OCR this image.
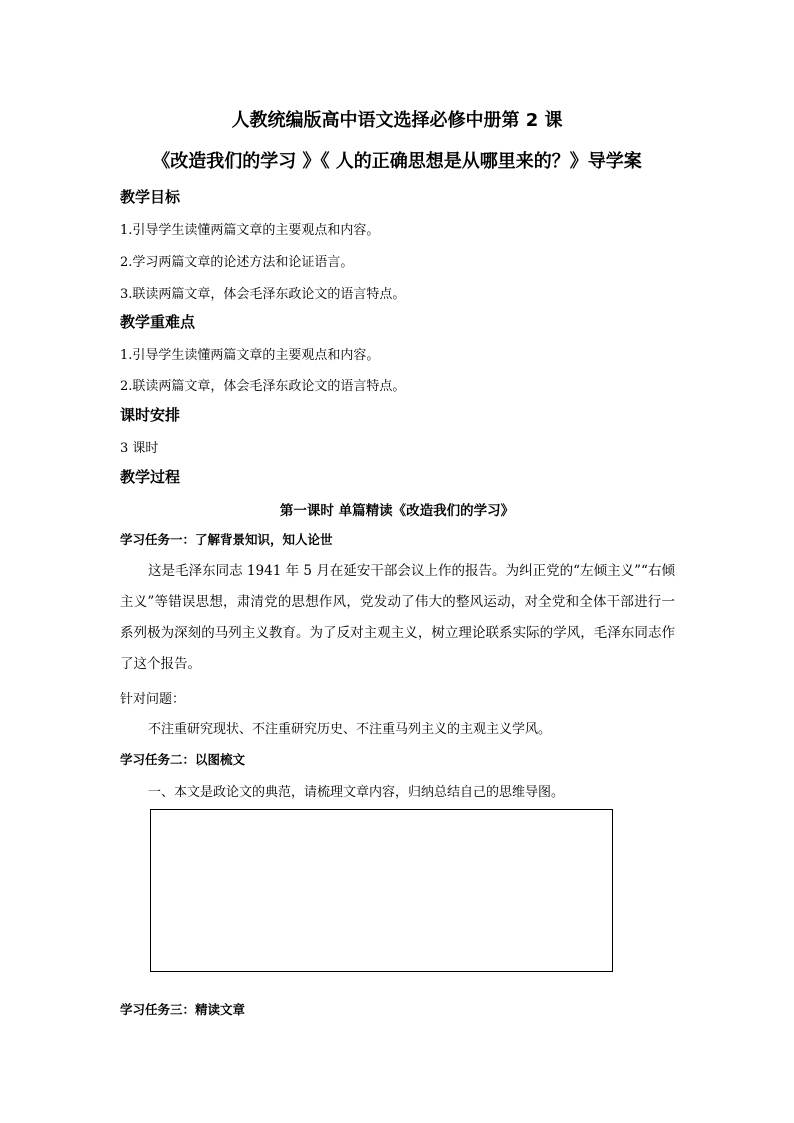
人教统编版高中语文选择必修中册第 2 课
《改造我们的学习 》《 人的正确思想是从哪里来的？》导学案
教学目标
1.引导学生读懂两篇文章的主要观点和内容。
2.学习两篇文章的论述方法和论证语言。
3.联读两篇文章，体会毛泽东政论文的语言特点。
教学重难点
1.引导学生读懂两篇文章的主要观点和内容。
2.联读两篇文章，体会毛泽东政论文的语言特点。
课时安排
3 课时
教学过程
第一课时 单篇精读《改造我们的学习》
学习任务一：了解背景知识，知人论世
这是毛泽东同志 1941 年 5 月在延安干部会议上作的报告。为纠正党的“左倾主义”“右倾主义”等错误思想，肃清党的思想作风，党发动了伟大的整风运动，对全党和全体干部进行一系列极为深刻的马列主义教育。为了反对主观主义，树立理论联系实际的学风，毛泽东同志作了这个报告。
针对问题：
不注重研究现状、不注重研究历史、不注重马列主义的主观主义学风。
学习任务二：以图梳文
一、本文是政论文的典范，请梳理文章内容，归纳总结自己的思维导图。
学习任务三：精读文章
